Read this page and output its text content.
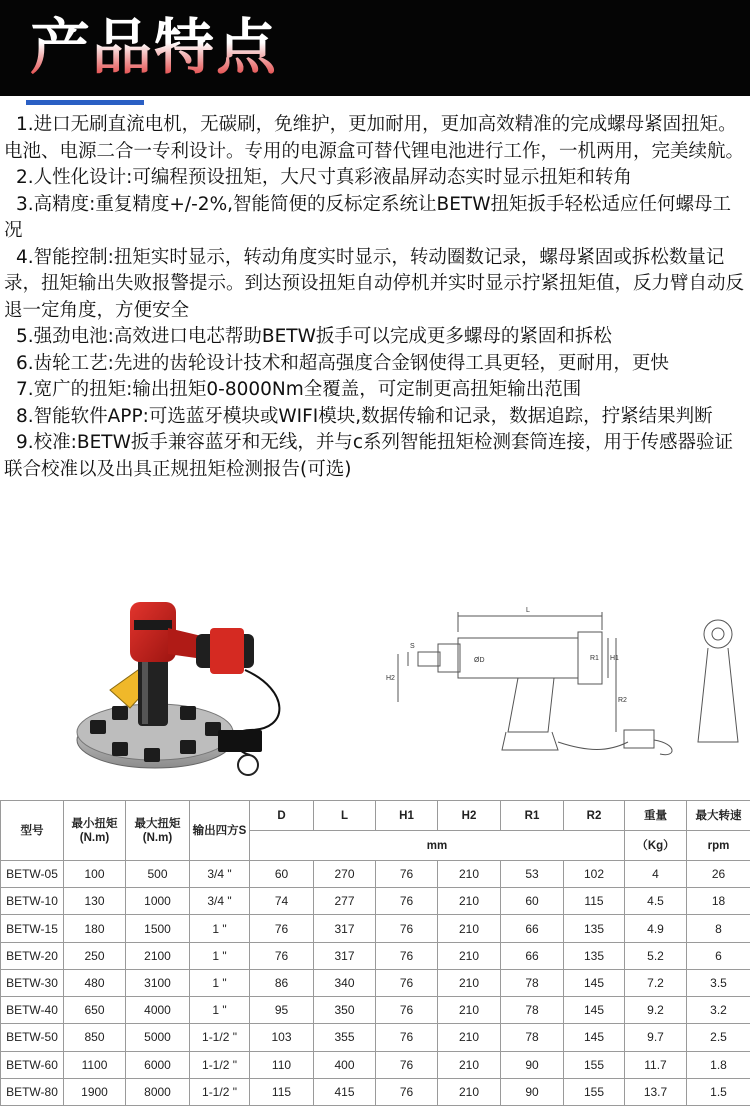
产品特点

1.进口无刷直流电机，无碳刷，免维护，更加耐用，更加高效精准的完成螺母紧固扭矩。电池、电源二合一专利设计。专用的电源盒可替代锂电池进行工作，一机两用，完美续航。

2.人性化设计:可编程预设扭矩，大尺寸真彩液晶屏动态实时显示扭矩和转角

3.高精度:重复精度+/-2%,智能简便的反标定系统让BETW扭矩扳手轻松适应任何螺母工况

4.智能控制:扭矩实时显示，转动角度实时显示，转动圈数记录，螺母紧固或拆松数量记录，扭矩输出失败报警提示。到达预设扭矩自动停机并实时显示拧紧扭矩值，反力臂自动反退一定角度，方便安全

5.强劲电池:高效进口电芯帮助BETW扳手可以完成更多螺母的紧固和拆松

6.齿轮工艺:先进的齿轮设计技术和超高强度合金钢使得工具更轻，更耐用，更快

7.宽广的扭矩:输出扭矩0-8000Nm全覆盖，可定制更高扭矩输出范围

8.智能软件APP:可选蓝牙模块或WIFI模块,数据传输和记录，数据追踪，拧紧结果判断

9.校准:BETW扳手兼容蓝牙和无线，并与c系列智能扭矩检测套筒连接，用于传感器验证联合校准以及出具正规扭矩检测报告(可选)

L
S
H1
R2
H2
ØD	R1
型号	最小扭矩(N.m)	最大扭矩(N.m)	输出四方S	D	L	H1	H2	R1	R2	重量	最大转速
				mm						（Kg）	rpm
BETW-05	100	500	3/4 "	60	270	76	210	53	102	4	26
BETW-10	130	1000	3/4 "	74	277	76	210	60	115	4.5	18
BETW-15	180	1500	1 "	76	317	76	210	66	135	4.9	8
BETW-20	250	2100	1 "	76	317	76	210	66	135	5.2	6
BETW-30	480	3100	1 "	86	340	76	210	78	145	7.2	3.5
BETW-40	650	4000	1 "	95	350	76	210	78	145	9.2	3.2
BETW-50	850	5000	1-1/2 "	103	355	76	210	78	145	9.7	2.5
BETW-60	1100	6000	1-1/2 "	110	400	76	210	90	155	11.7	1.8
BETW-80	1900	8000	1-1/2 "	115	415	76	210	90	155	13.7	1.5
